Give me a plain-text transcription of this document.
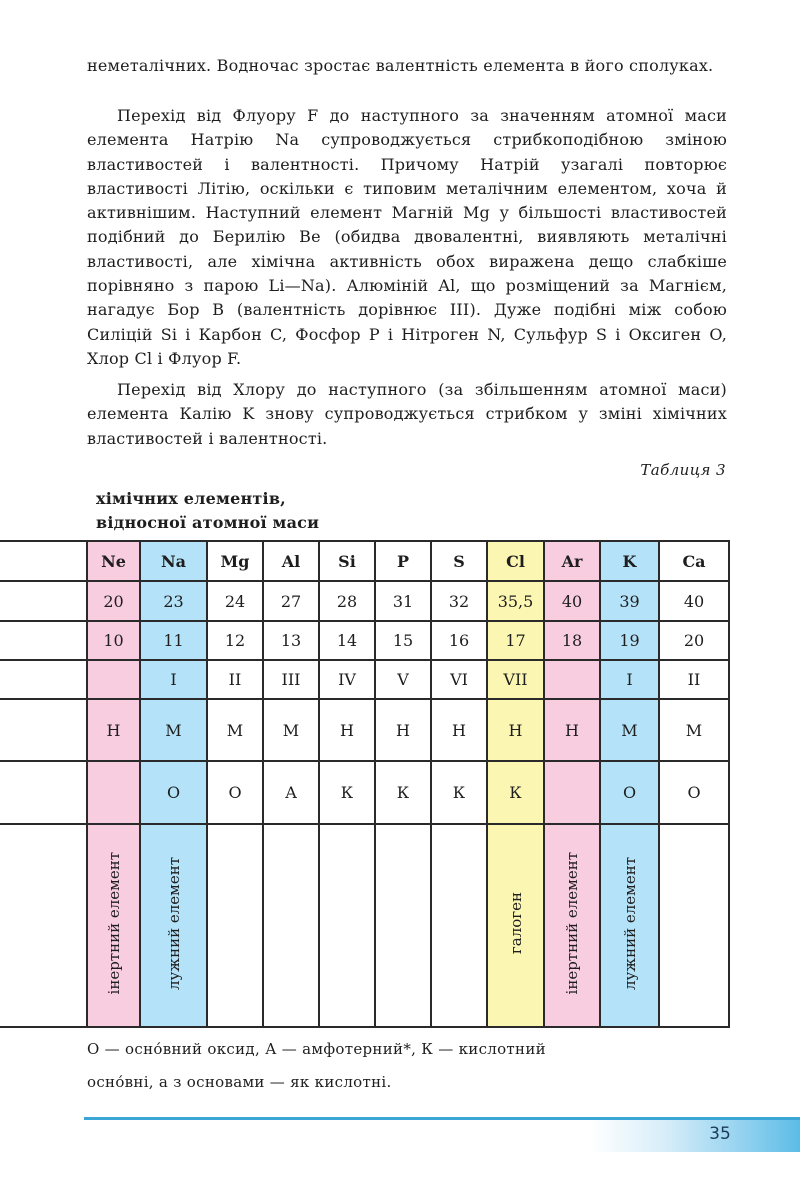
неметалічних. Водночас зростає валентність елемента в його сполуках.

Перехід від Флуору F до наступного за значенням атомної маси елемента Натрію Na супроводжується стрибкоподібною зміною властивостей і валентності. Причому Натрій узагалі повторює властивості Літію, оскільки є типовим металічним елементом, хоча й активнішим. Наступний елемент Магній Mg у більшості властивостей подібний до Берилію Be (обидва двовалентні, виявляють металічні властивості, але хімічна активність обох виражена дещо слабкіше порівняно з парою Li—Na). Алюміній Al, що розміщений за Магнієм, нагадує Бор B (валентність дорівнює III). Дуже подібні між собою Силіцій Si і Карбон C, Фосфор P і Нітроген N, Сульфур S і Оксиген O, Хлор Cl і Флуор F.

Перехід від Хлору до наступного (за збільшенням атомної маси) елемента Калію K знову супроводжується стрибком у зміні хімічних властивостей і валентності.

Таблиця 3
хімічних елементів,
відносної атомної маси
	Ne	Na	Mg	Al	Si	P	S	Cl	Ar	K	Ca
	20	23	24	27	28	31	32	35,5	40	39	40
	10	11	12	13	14	15	16	17	18	19	20
		I	II	III	IV	V	VI	VII		I	II
	Н	М	М	М	Н	Н	Н	Н	Н	М	М
		О	О	А	К	К	К	К		О	О
	інертний елемент	лужний елемент						галоген	інертний елемент	лужний елемент	

О — осно́вний оксид, А — амфотерний*, К — кислотний

осно́вні, а з основами — як кислотні.

35
